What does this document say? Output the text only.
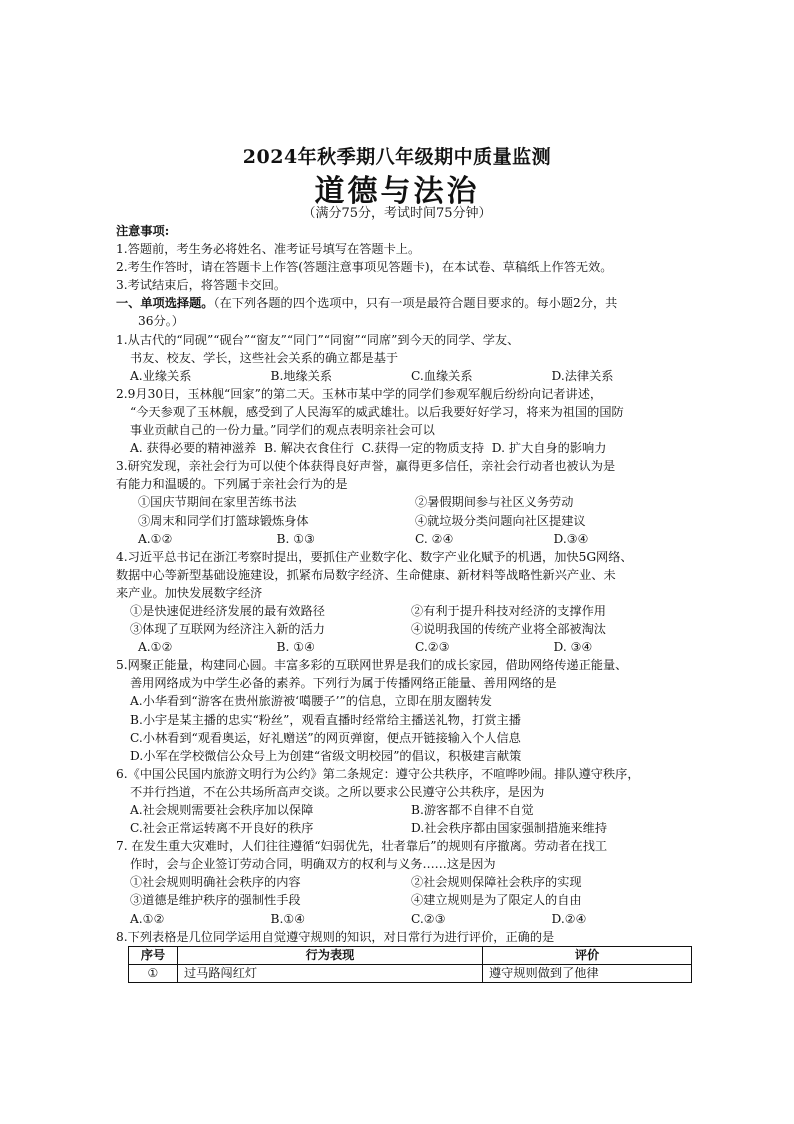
2024年秋季期八年级期中质量监测
道德与法治
（满分75分，考试时间75分钟）
注意事项:
1.答题前，考生务必将姓名、准考证号填写在答题卡上。
2.考生作答时，请在答题卡上作答(答题注意事项见答题卡)，在本试卷、草稿纸上作答无效。
3.考试结束后，将答题卡交回。
一、单项选择题。（在下列各题的四个选项中，只有一项是最符合题目要求的。每小题2分，共
36分。）
1.从古代的“同砚”“砚台”“窗友”“同门”“同窗”“同席”到今天的同学、学友、
书友、校友、学长，这些社会关系的确立都是基于
A.业缘关系	B.地缘关系	C.血缘关系	D.法律关系
2.9月30日，玉林舰“回家”的第二天。玉林市某中学的同学们参观军舰后纷纷向记者讲述，
“今天参观了玉林舰，感受到了人民海军的威武雄壮。以后我要好好学习，将来为祖国的国防
事业贡献自己的一份力量。”同学们的观点表明亲社会可以
A. 获得必要的精神滋养 B. 解决衣食住行 C.获得一定的物质支持 D. 扩大自身的影响力
3.研究发现，亲社会行为可以使个体获得良好声誉，赢得更多信任，亲社会行动者也被认为是
有能力和温暖的。下列属于亲社会行为的是
①国庆节期间在家里苦练书法	②暑假期间参与社区义务劳动
③周末和同学们打篮球锻炼身体	④就垃圾分类问题向社区提建议
A.①②	B. ①③	C. ②④	D.③④
4.习近平总书记在浙江考察时提出，要抓住产业数字化、数字产业化赋予的机遇，加快5G网络、
数据中心等新型基础设施建设，抓紧布局数字经济、生命健康、新材料等战略性新兴产业、未
来产业。加快发展数字经济
①是快速促进经济发展的最有效路径	②有利于提升科技对经济的支撑作用
③体现了互联网为经济注入新的活力	④说明我国的传统产业将全部被淘汰
A.①②	B. ①④	C.②③	D. ③④
5.网聚正能量，构建同心圆。丰富多彩的互联网世界是我们的成长家园，借助网络传递正能量、
善用网络成为中学生必备的素养。下列行为属于传播网络正能量、善用网络的是
A.小华看到“游客在贵州旅游被‘噶腰子’”的信息，立即在朋友圈转发
B.小宇是某主播的忠实“粉丝”，观看直播时经常给主播送礼物，打赏主播
C.小林看到“观看奥运，好礼赠送”的网页弹窗，便点开链接输入个人信息
D.小军在学校微信公众号上为创建“省级文明校园”的倡议，积极建言献策
6.《中国公民国内旅游文明行为公约》第二条规定：遵守公共秩序，不喧哗吵闹。排队遵守秩序，
不并行挡道，不在公共场所高声交谈。之所以要求公民遵守公共秩序，是因为
A.社会规则需要社会秩序加以保障	B.游客都不自律不自觉
C.社会正常运转离不开良好的秩序	D.社会秩序都由国家强制措施来维持
7. 在发生重大灾难时，人们往往遵循“妇弱优先，壮者靠后”的规则有序撤离。劳动者在找工
作时，会与企业签订劳动合同，明确双方的权利与义务……这是因为
①社会规则明确社会秩序的内容	②社会规则保障社会秩序的实现
③道德是维护秩序的强制性手段	④建立规则是为了限定人的自由
A.①②	B.①④	C.②③	D.②④
8.下列表格是几位同学运用自觉遵守规则的知识，对日常行为进行评价，正确的是
序号	行为表现	评价
①	过马路闯红灯	遵守规则做到了他律
